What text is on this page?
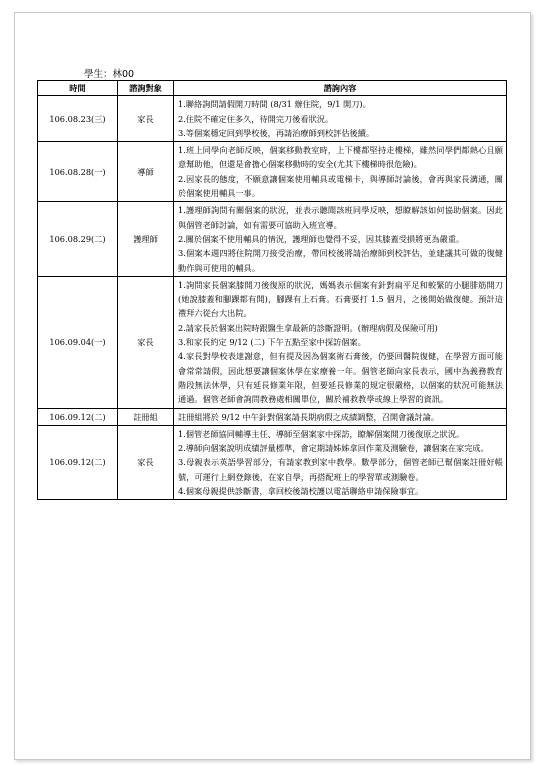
學生：林00
時間	諮詢對象	諮詢內容
106.08.23(三)	家長	1.聯絡詢問請假開刀時間 (8/31 辦住院，9/1 開刀)。
2.住院不確定住多久，待開完刀後看狀況。
3.等個案穩定回到學校後，再請治療師到校評估後續。

106.08.28(一)	導師	1.班上同學向老師反映，個案移動教室時，上下樓都堅持走樓梯，雖然同學們都熱心且願意幫助他，但還是會擔心個案移動時的安全(尤其下樓梯時很危險)。
2.因家長的態度，不願意讓個案使用輔具或電梯卡，與導師討論後，會再與家長溝通，關於個案使用輔具一事。

106.08.29(二)	護理師	1.護理師詢問有關個案的狀況，並表示聽聞該班同學反映，想瞭解該如何協助個案。因此與個管老師討論，如有需要可協助入班宣導。
2.關於個案不使用輔具的情況，護理師也覺得不妥，因其膝蓋受損將更為嚴重。
3.個案本週四將住院開刀接受治療，帶回校後將請治療師到校評估，並建議其可做的復健動作與可使用的輔具。

106.09.04(一)	家長	1.詢問家長個案膝開刀後復原的狀況，媽媽表示個案有針對扁平足和較緊的小腿腓筋開刀 (她說膝蓋和腳踝都有開)，腳踝有上石膏。石膏要打 1.5 個月，之後開始做復健。預計這禮拜六從台大出院。
2.請家長於個案出院時跟醫生拿最新的診斷證明。(辦理病假及保險可用)
3.和家長約定 9/12 (二) 下午五點至家中探訪個案。
4.家長對學校表達謝意，但有提及因為個案術石膏後，仍要回醫院復健，在學習方面可能會常常請假，因此想要讓個案休學在家療養一年。個管老師向家長表示，國中為義務教育階段無法休學，只有延長修業年限，但要延長修業的規定很嚴格，以個案的狀況可能無法通過。個管老師會詢問教務處相關單位，關於補救教學或線上學習的資訊。

106.09.12(二)	註冊組	註冊組將於 9/12 中午針對個案請長期病假之成績調整，召開會議討論。

106.09.12(二)	家長	1.個管老師協同輔導主任、導師至個案家中探訪，瞭解個案開刀後復原之狀況。
2.導師向個案說明成績評量標準，會定期請姊姊拿回作業及測驗卷，讓個案在家完成。
3.母親表示英語學習部分，有請家教到家中教學。數學部分，個管老師已幫個案註冊好帳號，可運行上網登錄後，在家自學，再搭配班上的學習單或測驗卷。
4.個案母親提供診斷書，拿回校後請校護以電話聯絡申請保險事宜。
